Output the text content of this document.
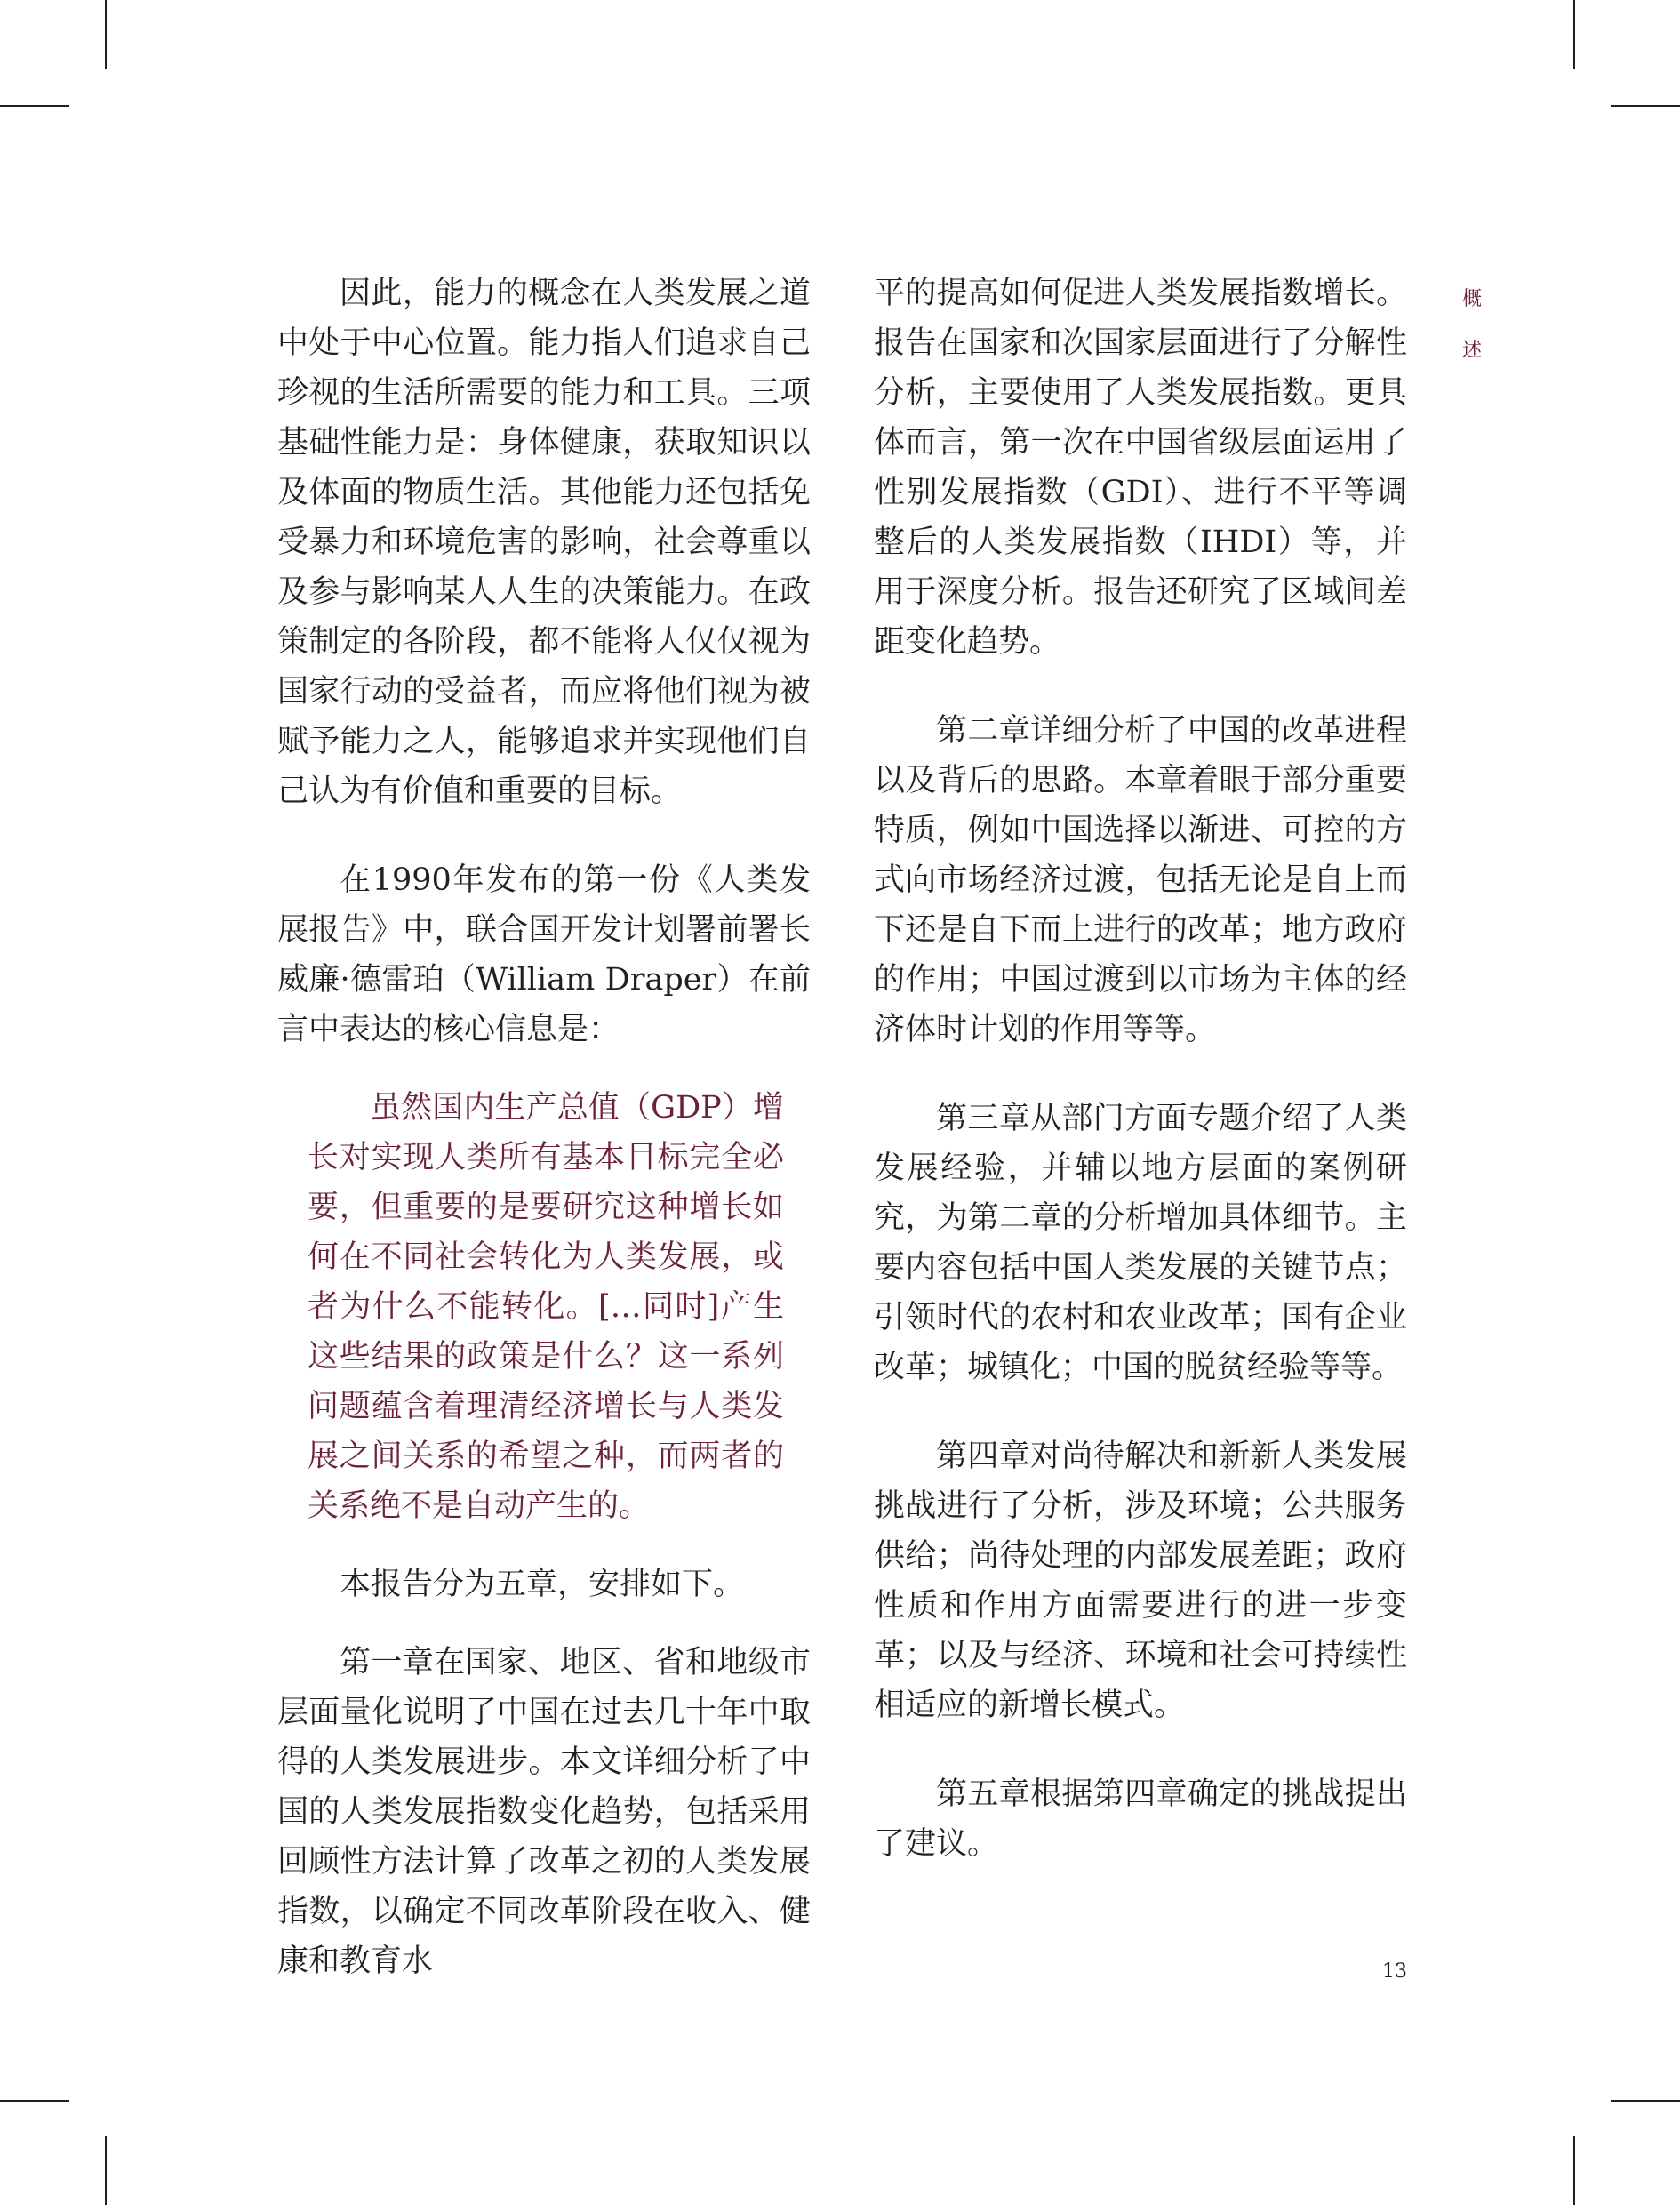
概
述

因此，能力的概念在人类发展之道中处于中心位置。能力指人们追求自己珍视的生活所需要的能力和工具。三项基础性能力是：身体健康，获取知识以及体面的物质生活。其他能力还包括免受暴力和环境危害的影响，社会尊重以及参与影响某人人生的决策能力。在政策制定的各阶段，都不能将人仅仅视为国家行动的受益者，而应将他们视为被赋予能力之人，能够追求并实现他们自己认为有价值和重要的目标。

在1990年发布的第一份《人类发展报告》中，联合国开发计划署前署长威廉·德雷珀（William Draper）在前言中表达的核心信息是：

虽然国内生产总值（GDP）增长对实现人类所有基本目标完全必要，但重要的是要研究这种增长如何在不同社会转化为人类发展，或者为什么不能转化。[…同时]产生这些结果的政策是什么？这一系列问题蕴含着理清经济增长与人类发展之间关系的希望之种，而两者的关系绝不是自动产生的。

本报告分为五章，安排如下。

第一章在国家、地区、省和地级市层面量化说明了中国在过去几十年中取得的人类发展进步。本文详细分析了中国的人类发展指数变化趋势，包括采用回顾性方法计算了改革之初的人类发展指数，以确定不同改革阶段在收入、健康和教育水

平的提高如何促进人类发展指数增长。报告在国家和次国家层面进行了分解性分析，主要使用了人类发展指数。更具体而言，第一次在中国省级层面运用了性别发展指数（GDI）、进行不平等调整后的人类发展指数（IHDI）等，并用于深度分析。报告还研究了区域间差距变化趋势。

第二章详细分析了中国的改革进程以及背后的思路。本章着眼于部分重要特质，例如中国选择以渐进、可控的方式向市场经济过渡，包括无论是自上而下还是自下而上进行的改革；地方政府的作用；中国过渡到以市场为主体的经济体时计划的作用等等。

第三章从部门方面专题介绍了人类发展经验，并辅以地方层面的案例研究，为第二章的分析增加具体细节。主要内容包括中国人类发展的关键节点；引领时代的农村和农业改革；国有企业改革；城镇化；中国的脱贫经验等等。

第四章对尚待解决和新新人类发展挑战进行了分析，涉及环境；公共服务供给；尚待处理的内部发展差距；政府性质和作用方面需要进行的进一步变革；以及与经济、环境和社会可持续性相适应的新增长模式。

第五章根据第四章确定的挑战提出了建议。

13
